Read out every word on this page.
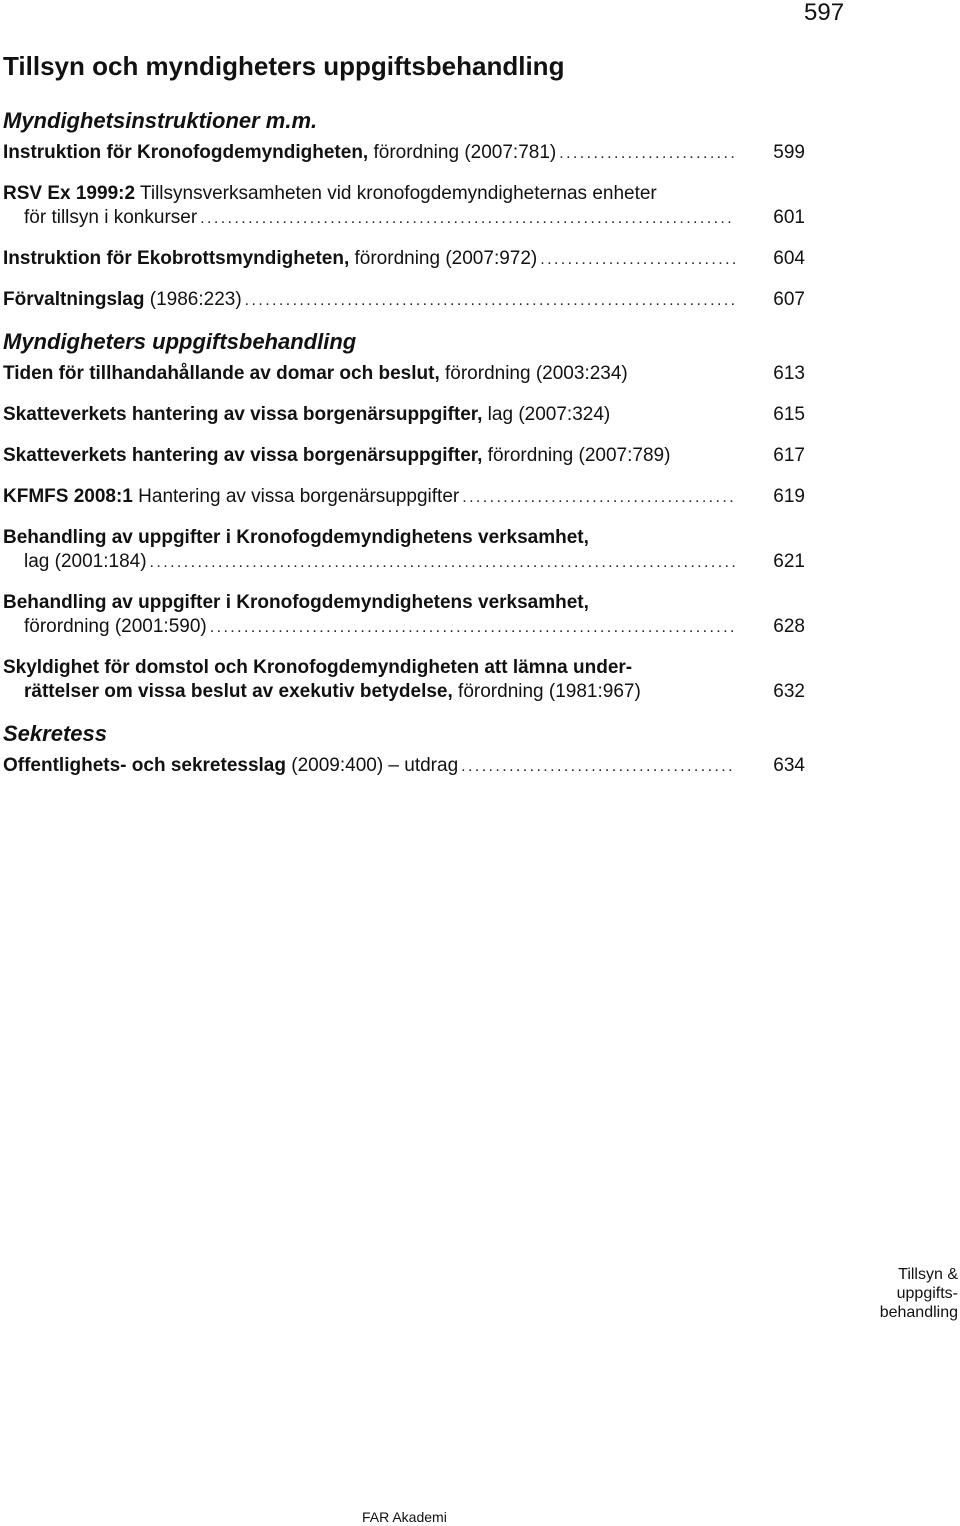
597
Tillsyn och myndigheters uppgiftsbehandling
Myndighetsinstruktioner m.m.
Instruktion för Kronofogdemyndigheten, förordning (2007:781) .....	599
RSV Ex 1999:2 Tillsynsverksamheten vid kronofogdemyndigheternas enheter
för tillsyn i konkurser .....	601
Instruktion för Ekobrottsmyndigheten, förordning (2007:972) .....	604
Förvaltningslag (1986:223) .....	607
Myndigheters uppgiftsbehandling
Tiden för tillhandahållande av domar och beslut, förordning (2003:234)	613
Skatteverkets hantering av vissa borgenärsuppgifter, lag (2007:324)	615
Skatteverkets hantering av vissa borgenärsuppgifter, förordning (2007:789)	617
KFMFS 2008:1 Hantering av vissa borgenärsuppgifter .....	619
Behandling av uppgifter i Kronofogdemyndighetens verksamhet,
lag (2001:184) .....	621
Behandling av uppgifter i Kronofogdemyndighetens verksamhet,
förordning (2001:590) .....	628
Skyldighet för domstol och Kronofogdemyndigheten att lämna under-
rättelser om vissa beslut av exekutiv betydelse, förordning (1981:967)	632
Sekretess
Offentlighets- och sekretesslag (2009:400) – utdrag .....	634
Tillsyn &
uppgifts-
behandling
FAR Akademi
